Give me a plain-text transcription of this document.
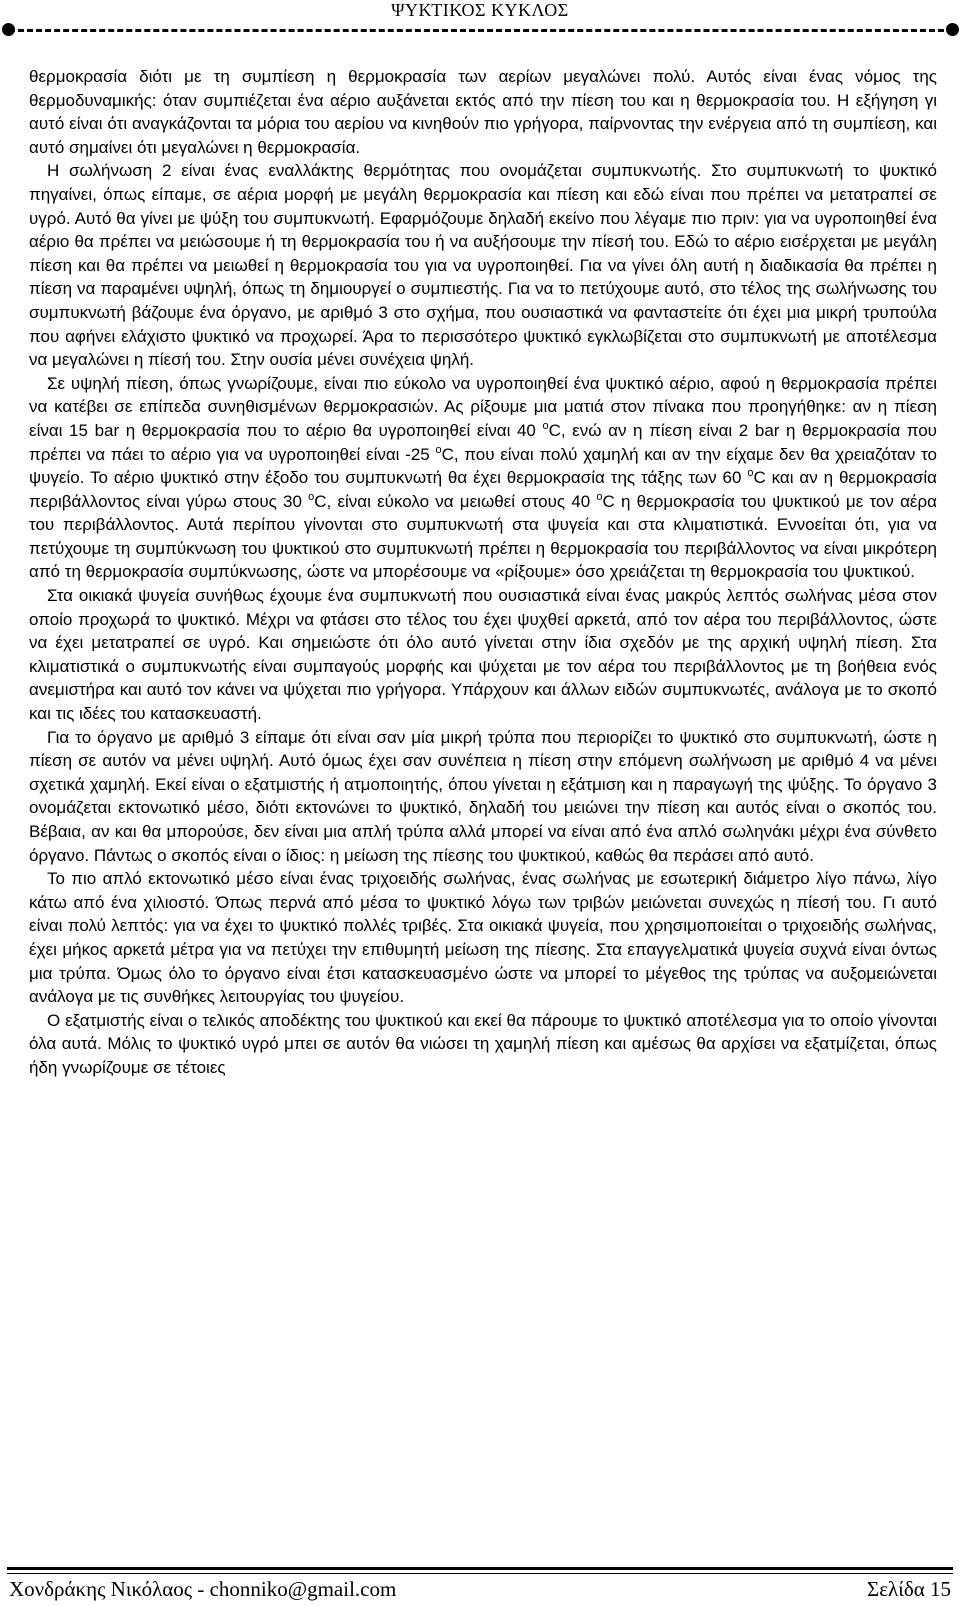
ΨΥΚΤΙΚΟΣ ΚΥΚΛΟΣ

θερμοκρασία διότι με τη συμπίεση η θερμοκρασία των αερίων μεγαλώνει πολύ. Αυτός είναι ένας νόμος της θερμοδυναμικής: όταν συμπιέζεται ένα αέριο αυξάνεται εκτός από την πίεση του και η θερμοκρασία του. Η εξήγηση γι αυτό είναι ότι αναγκάζονται τα μόρια του αερίου να κινηθούν πιο γρήγορα, παίρνοντας την ενέργεια από τη συμπίεση, και αυτό σημαίνει ότι μεγαλώνει η θερμοκρασία.

Η σωλήνωση 2 είναι ένας εναλλάκτης θερμότητας που ονομάζεται συμπυκνωτής. Στο συμπυκνωτή το ψυκτικό πηγαίνει, όπως είπαμε, σε αέρια μορφή με μεγάλη θερμοκρασία και πίεση και εδώ είναι που πρέπει να μετατραπεί σε υγρό. Αυτό θα γίνει με ψύξη του συμπυκνωτή. Εφαρμόζουμε δηλαδή εκείνο που λέγαμε πιο πριν: για να υγροποιηθεί ένα αέριο θα πρέπει να μειώσουμε ή τη θερμοκρασία του ή να αυξήσουμε την πίεσή του. Εδώ το αέριο εισέρχεται με μεγάλη πίεση και θα πρέπει να μειωθεί η θερμοκρασία του για να υγροποιηθεί. Για να γίνει όλη αυτή η διαδικασία θα πρέπει η πίεση να παραμένει υψηλή, όπως τη δημιουργεί ο συμπιεστής. Για να το πετύχουμε αυτό, στο τέλος της σωλήνωσης του συμπυκνωτή βάζουμε ένα όργανο, με αριθμό 3 στο σχήμα, που ουσιαστικά να φανταστείτε ότι έχει μια μικρή τρυπούλα που αφήνει ελάχιστο ψυκτικό να προχωρεί. Άρα το περισσότερο ψυκτικό εγκλωβίζεται στο συμπυκνωτή με αποτέλεσμα να μεγαλώνει η πίεσή του. Στην ουσία μένει συνέχεια ψηλή.

Σε υψηλή πίεση, όπως γνωρίζουμε, είναι πιο εύκολο να υγροποιηθεί ένα ψυκτικό αέριο, αφού η θερμοκρασία πρέπει να κατέβει σε επίπεδα συνηθισμένων θερμοκρασιών. Ας ρίξουμε μια ματιά στον πίνακα που προηγήθηκε: αν η πίεση είναι 15 bar η θερμοκρασία που το αέριο θα υγροποιηθεί είναι 40 $^o$C, ενώ αν η πίεση είναι 2 bar η θερμοκρασία που πρέπει να πάει το αέριο για να υγροποιηθεί είναι -25 $^o$C, που είναι πολύ χαμηλή και αν την είχαμε δεν θα χρειαζόταν το ψυγείο. Το αέριο ψυκτικό στην έξοδο του συμπυκνωτή θα έχει θερμοκρασία της τάξης των 60 $^o$C και αν η θερμοκρασία περιβάλλοντος είναι γύρω στους 30 $^o$C, είναι εύκολο να μειωθεί στους 40 $^o$C η θερμοκρασία του ψυκτικού με τον αέρα του περιβάλλοντος. Αυτά περίπου γίνονται στο συμπυκνωτή στα ψυγεία και στα κλιματιστικά. Εννοείται ότι, για να πετύχουμε τη συμπύκνωση του ψυκτικού στο συμπυκνωτή πρέπει η θερμοκρασία του περιβάλλοντος να είναι μικρότερη από τη θερμοκρασία συμπύκνωσης, ώστε να μπορέσουμε να «ρίξουμε» όσο χρειάζεται τη θερμοκρασία του ψυκτικού.

Στα οικιακά ψυγεία συνήθως έχουμε ένα συμπυκνωτή που ουσιαστικά είναι ένας μακρύς λεπτός σωλήνας μέσα στον οποίο προχωρά το ψυκτικό. Μέχρι να φτάσει στο τέλος του έχει ψυχθεί αρκετά, από τον αέρα του περιβάλλοντος, ώστε να έχει μετατραπεί σε υγρό. Και σημειώστε ότι όλο αυτό γίνεται στην ίδια σχεδόν με της αρχική υψηλή πίεση. Στα κλιματιστικά ο συμπυκνωτής είναι συμπαγούς μορφής και ψύχεται με τον αέρα του περιβάλλοντος με τη βοήθεια ενός ανεμιστήρα και αυτό τον κάνει να ψύχεται πιο γρήγορα. Υπάρχουν και άλλων ειδών συμπυκνωτές, ανάλογα με το σκοπό και τις ιδέες του κατασκευαστή.

Για το όργανο με αριθμό 3 είπαμε ότι είναι σαν μία μικρή τρύπα που περιορίζει το ψυκτικό στο συμπυκνωτή, ώστε η πίεση σε αυτόν να μένει υψηλή. Αυτό όμως έχει σαν συνέπεια η πίεση στην επόμενη σωλήνωση με αριθμό 4 να μένει σχετικά χαμηλή. Εκεί είναι ο εξατμιστής ή ατμοποιητής, όπου γίνεται η εξάτμιση και η παραγωγή της ψύξης. Το όργανο 3 ονομάζεται εκτονωτικό μέσο, διότι εκτονώνει το ψυκτικό, δηλαδή του μειώνει την πίεση και αυτός είναι ο σκοπός του. Βέβαια, αν και θα μπορούσε, δεν είναι μια απλή τρύπα αλλά μπορεί να είναι από ένα απλό σωληνάκι μέχρι ένα σύνθετο όργανο. Πάντως ο σκοπός είναι ο ίδιος: η μείωση της πίεσης του ψυκτικού, καθώς θα περάσει από αυτό.

Το πιο απλό εκτονωτικό μέσο είναι ένας τριχοειδής σωλήνας, ένας σωλήνας με εσωτερική διάμετρο λίγο πάνω, λίγο κάτω από ένα χιλιοστό. Όπως περνά από μέσα το ψυκτικό λόγω των τριβών μειώνεται συνεχώς η πίεσή του. Γι αυτό είναι πολύ λεπτός: για να έχει το ψυκτικό πολλές τριβές. Στα οικιακά ψυγεία, που χρησιμοποιείται ο τριχοειδής σωλήνας, έχει μήκος αρκετά μέτρα για να πετύχει την επιθυμητή μείωση της πίεσης. Στα επαγγελματικά ψυγεία συχνά είναι όντως μια τρύπα. Όμως όλο το όργανο είναι έτσι κατασκευασμένο ώστε να μπορεί το μέγεθος της τρύπας να αυξομειώνεται ανάλογα με τις συνθήκες λειτουργίας του ψυγείου.

Ο εξατμιστής είναι ο τελικός αποδέκτης του ψυκτικού και εκεί θα πάρουμε το ψυκτικό αποτέλεσμα για το οποίο γίνονται όλα αυτά. Μόλις το ψυκτικό υγρό μπει σε αυτόν θα νιώσει τη χαμηλή πίεση και αμέσως θα αρχίσει να εξατμίζεται, όπως ήδη γνωρίζουμε σε τέτοιες

Χονδράκης Νικόλαος - chonniko@gmail.com	Σελίδα 15
